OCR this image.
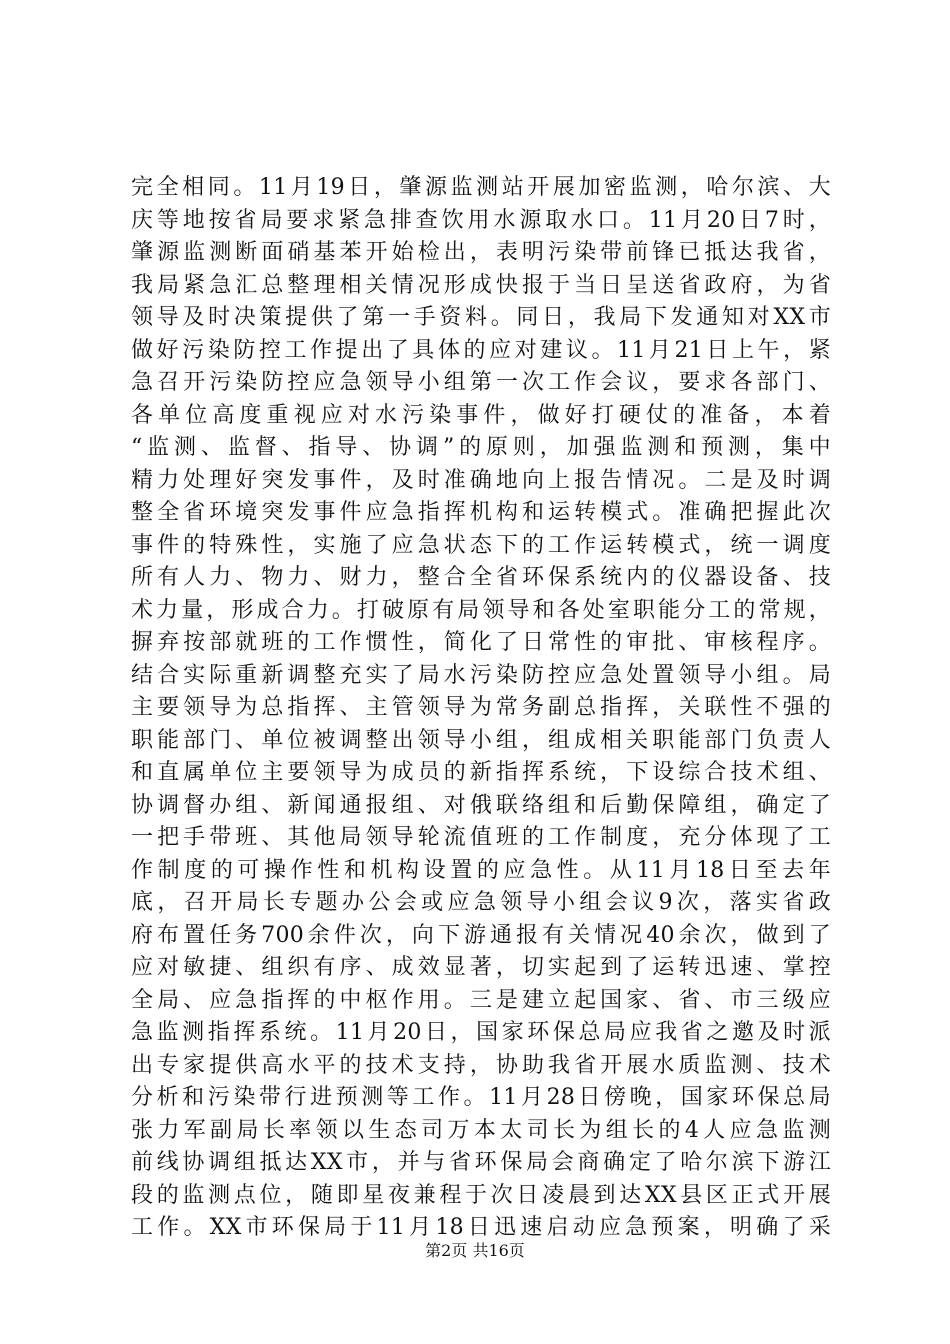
完全相同。11月19日，肇源监测站开展加密监测，哈尔滨、大
庆等地按省局要求紧急排查饮用水源取水口。11月20日7时，
肇源监测断面硝基苯开始检出，表明污染带前锋已抵达我省，
我局紧急汇总整理相关情况形成快报于当日呈送省政府，为省
领导及时决策提供了第一手资料。同日，我局下发通知对XX市
做好污染防控工作提出了具体的应对建议。11月21日上午，紧
急召开污染防控应急领导小组第一次工作会议，要求各部门、
各单位高度重视应对水污染事件，做好打硬仗的准备，本着
“监测、监督、指导、协调”的原则，加强监测和预测，集中
精力处理好突发事件，及时准确地向上报告情况。二是及时调
整全省环境突发事件应急指挥机构和运转模式。准确把握此次
事件的特殊性，实施了应急状态下的工作运转模式，统一调度
所有人力、物力、财力，整合全省环保系统内的仪器设备、技
术力量，形成合力。打破原有局领导和各处室职能分工的常规，
摒弃按部就班的工作惯性，简化了日常性的审批、审核程序。
结合实际重新调整充实了局水污染防控应急处置领导小组。局
主要领导为总指挥、主管领导为常务副总指挥，关联性不强的
职能部门、单位被调整出领导小组，组成相关职能部门负责人
和直属单位主要领导为成员的新指挥系统，下设综合技术组、
协调督办组、新闻通报组、对俄联络组和后勤保障组，确定了
一把手带班、其他局领导轮流值班的工作制度，充分体现了工
作制度的可操作性和机构设置的应急性。从11月18日至去年
底，召开局长专题办公会或应急领导小组会议9次，落实省政
府布置任务700余件次，向下游通报有关情况40余次，做到了
应对敏捷、组织有序、成效显著，切实起到了运转迅速、掌控
全局、应急指挥的中枢作用。三是建立起国家、省、市三级应
急监测指挥系统。11月20日，国家环保总局应我省之邀及时派
出专家提供高水平的技术支持，协助我省开展水质监测、技术
分析和污染带行进预测等工作。11月28日傍晚，国家环保总局
张力军副局长率领以生态司万本太司长为组长的4人应急监测
前线协调组抵达XX市，并与省环保局会商确定了哈尔滨下游江
段的监测点位，随即星夜兼程于次日凌晨到达XX县区正式开展
工作。XX市环保局于11月18日迅速启动应急预案，明确了采
第2页 共16页
